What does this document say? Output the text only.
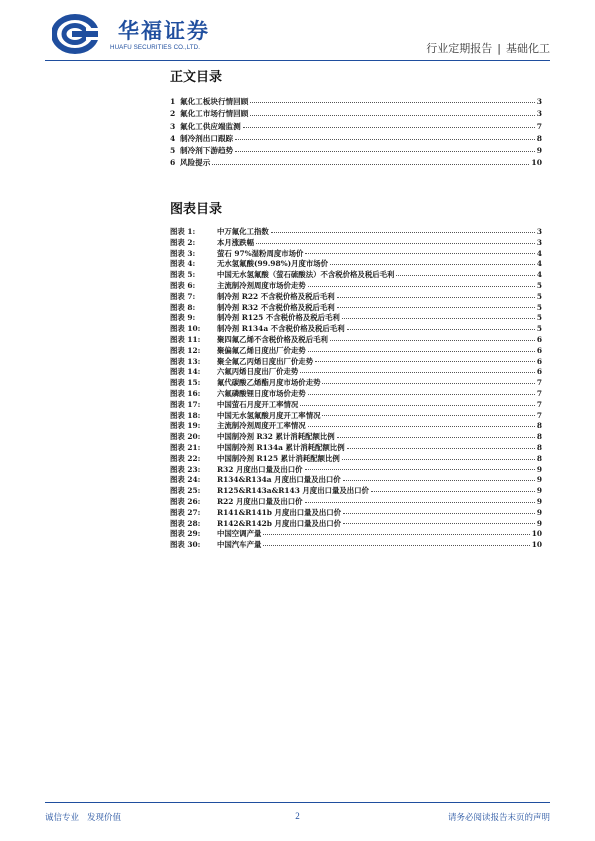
华福证券
HUAFU SECURITIES CO.,LTD.	行业定期报告 | 基础化工
正文目录
1 氟化工板块行情回顾	3
2 氟化工市场行情回顾	3
3 氟化工供应端监测	7
4 制冷剂出口跟踪	8
5 制冷剂下游趋势	9
6 风险提示	10
图表目录
图表 1:	中万氟化工指数	3
图表 2:	本月涨跌幅	3
图表 3:	萤石 97%湿粉周度市场价	4
图表 4:	无水氢氟酸(99.98%)月度市场价	4
图表 5:	中国无水氢氟酸（萤石硫酸法）不含税价格及税后毛利	4
图表 6:	主流制冷剂周度市场价走势	5
图表 7:	制冷剂 R22 不含税价格及税后毛利	5
图表 8:	制冷剂 R32 不含税价格及税后毛利	5
图表 9:	制冷剂 R125 不含税价格及税后毛利	5
图表 10:	制冷剂 R134a 不含税价格及税后毛利	5
图表 11:	聚四氟乙烯不含税价格及税后毛利	6
图表 12:	聚偏氟乙烯日度出厂价走势	6
图表 13:	聚全氟乙丙烯日度出厂价走势	6
图表 14:	六氟丙烯日度出厂价走势	6
图表 15:	氟代碳酸乙烯酯月度市场价走势	7
图表 16:	六氟磷酸锂日度市场价走势	7
图表 17:	中国萤石月度开工率情况	7
图表 18:	中国无水氢氟酸月度开工率情况	7
图表 19:	主流制冷剂周度开工率情况	8
图表 20:	中国制冷剂 R32 累计消耗配额比例	8
图表 21:	中国制冷剂 R134a 累计消耗配额比例	8
图表 22:	中国制冷剂 R125 累计消耗配额比例	8
图表 23:	R32 月度出口量及出口价	9
图表 24:	R134&R134a 月度出口量及出口价	9
图表 25:	R125&R143a&R143 月度出口量及出口价	9
图表 26:	R22 月度出口量及出口价	9
图表 27:	R141&R141b 月度出口量及出口价	9
图表 28:	R142&R142b 月度出口量及出口价	9
图表 29:	中国空调产量	10
图表 30:	中国汽车产量	10
诚信专业 发现价值	2	请务必阅读报告末页的声明
